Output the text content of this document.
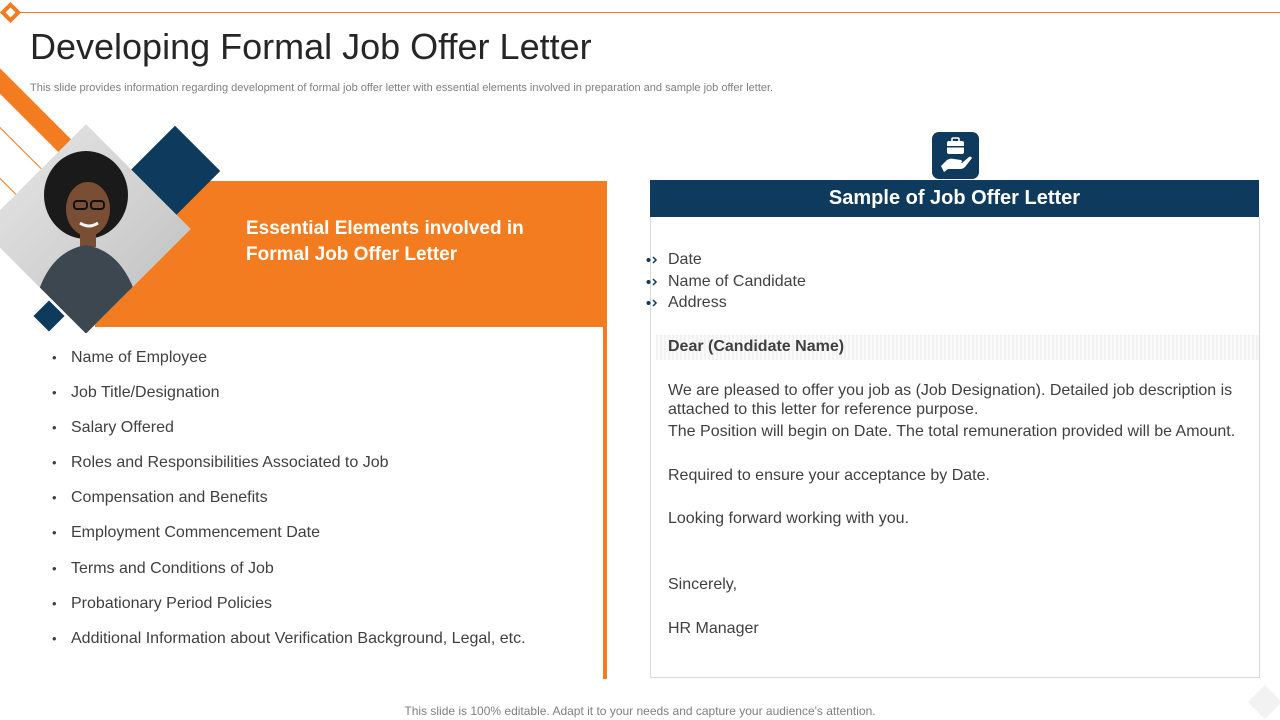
Developing Formal Job Offer Letter
This slide provides information regarding development of formal job offer letter with essential elements involved in preparation and sample job offer letter.
Essential Elements involved in Formal Job Offer Letter
• Name of Employee
• Job Title/Designation
• Salary Offered
• Roles and Responsibilities Associated to Job
• Compensation and Benefits
• Employment Commencement Date
• Terms and Conditions of Job
• Probationary Period Policies
• Additional Information about Verification Background, Legal, etc.
Sample of Job Offer Letter
Date
Name of Candidate
Address
Dear (Candidate Name)
We are pleased to offer you job as (Job Designation). Detailed job description is
attached to this letter for reference purpose.
The Position will begin on Date. The total remuneration provided will be Amount.
Required to ensure your acceptance by Date.
Looking forward working with you.
Sincerely,
HR Manager
This slide is 100% editable. Adapt it to your needs and capture your audience's attention.
